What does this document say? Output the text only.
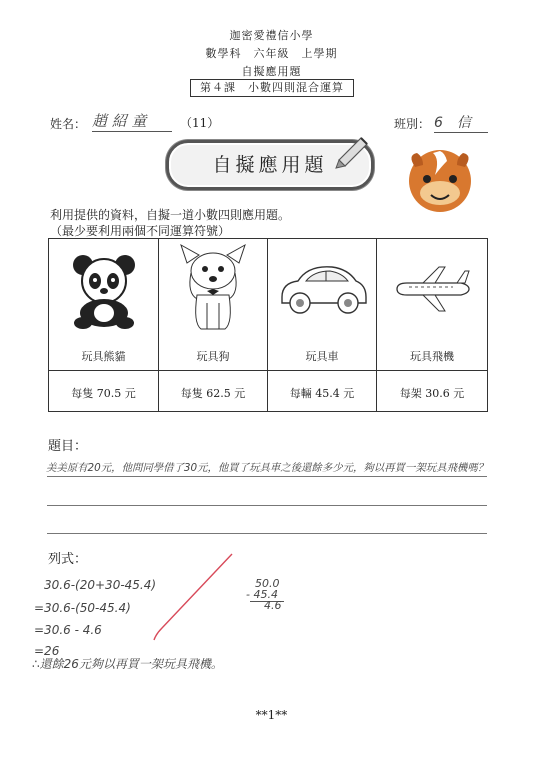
迦密愛禮信小學
數學科　六年級　上學期
自擬應用題
第４課　小數四則混合運算
姓名： 趙 紹 童	（11）	班別： 6　信
自擬應用題
利用提供的資料，自擬一道小數四則應用題。
（最少要利用兩個不同運算符號）
玩具熊貓
每隻 70.5 元
玩具狗
每隻 62.5 元
玩具車
每輛 45.4 元
玩具飛機
每架 30.6 元
題目：
美美原有20元，他問同學借了30元，他買了玩具車之後還餘多少元，夠以再買一架玩具飛機嗎？
列式：
30.6-(20+30-45.4)
=30.6-(50-45.4)
=30.6 - 4.6
=26
∴還餘26元夠以再買一架玩具飛機。
50.0
- 45.4
4.6
**1**
